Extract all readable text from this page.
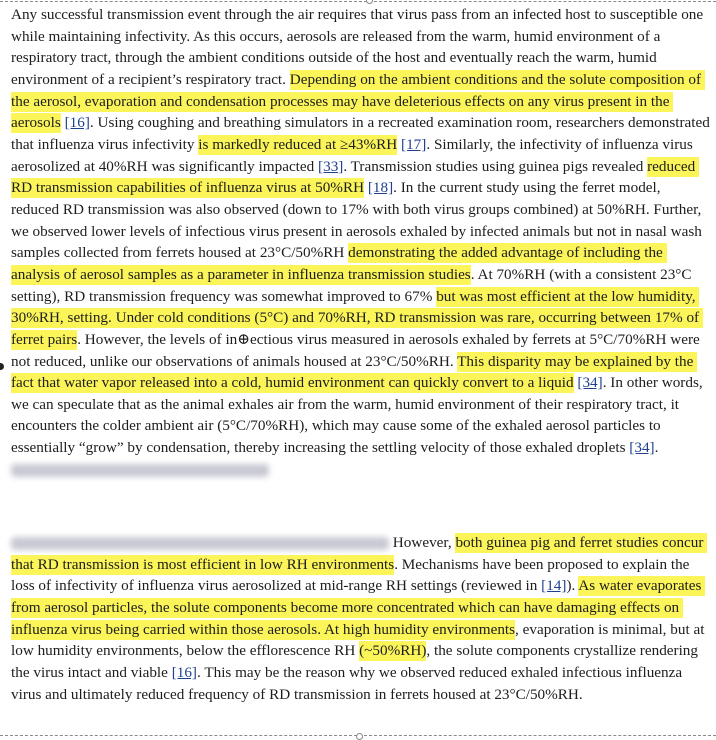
Any successful transmission event through the air requires that virus pass from an infected host to susceptible one while maintaining infectivity. As this occurs, aerosols are released from the warm, humid environment of a respiratory tract, through the ambient conditions outside of the host and eventually reach the warm, humid environment of a recipient’s respiratory tract. Depending on the ambient conditions and the solute composition of the aerosol, evaporation and condensation processes may have deleterious effects on any virus present in the aerosols [16]. Using coughing and breathing simulators in a recreated examination room, researchers demonstrated that influenza virus infectivity is markedly reduced at ≥43%RH [17]. Similarly, the infectivity of influenza virus aerosolized at 40%RH was significantly impacted [33]. Transmission studies using guinea pigs revealed reduced RD transmission capabilities of influenza virus at 50%RH [18]. In the current study using the ferret model, reduced RD transmission was also observed (down to 17% with both virus groups combined) at 50%RH. Further, we observed lower levels of infectious virus present in aerosols exhaled by infected animals but not in nasal wash samples collected from ferrets housed at 23°C/50%RH demonstrating the added advantage of including the analysis of aerosol samples as a parameter in influenza transmission studies. At 70%RH (with a consistent 23°C setting), RD transmission frequency was somewhat improved to 67% but was most efficient at the low humidity, 30%RH, setting. Under cold conditions (5°C) and 70%RH, RD transmission was rare, occurring between 17% of ferret pairs. However, the levels of in⊕ectious virus measured in aerosols exhaled by ferrets at 5°C/70%RH were not reduced, unlike our observations of animals housed at 23°C/50%RH. This disparity may be explained by the fact that water vapor released into a cold, humid environment can quickly convert to a liquid [34]. In other words, we can speculate that as the animal exhales air from the warm, humid environment of their respiratory tract, it encounters the colder ambient air (5°C/70%RH), which may cause some of the exhaled aerosol particles to essentially “grow” by condensation, thereby increasing the settling velocity of those exhaled droplets [34].

However, both guinea pig and ferret studies concur that RD transmission is most efficient in low RH environments. Mechanisms have been proposed to explain the loss of infectivity of influenza virus aerosolized at mid-range RH settings (reviewed in [14]). As water evaporates from aerosol particles, the solute components become more concentrated which can have damaging effects on influenza virus being carried within those aerosols. At high humidity environments, evaporation is minimal, but at low humidity environments, below the efflorescence RH (~50%RH), the solute components crystallize rendering the virus intact and viable [16]. This may be the reason why we observed reduced exhaled infectious influenza virus and ultimately reduced frequency of RD transmission in ferrets housed at 23°C/50%RH.
